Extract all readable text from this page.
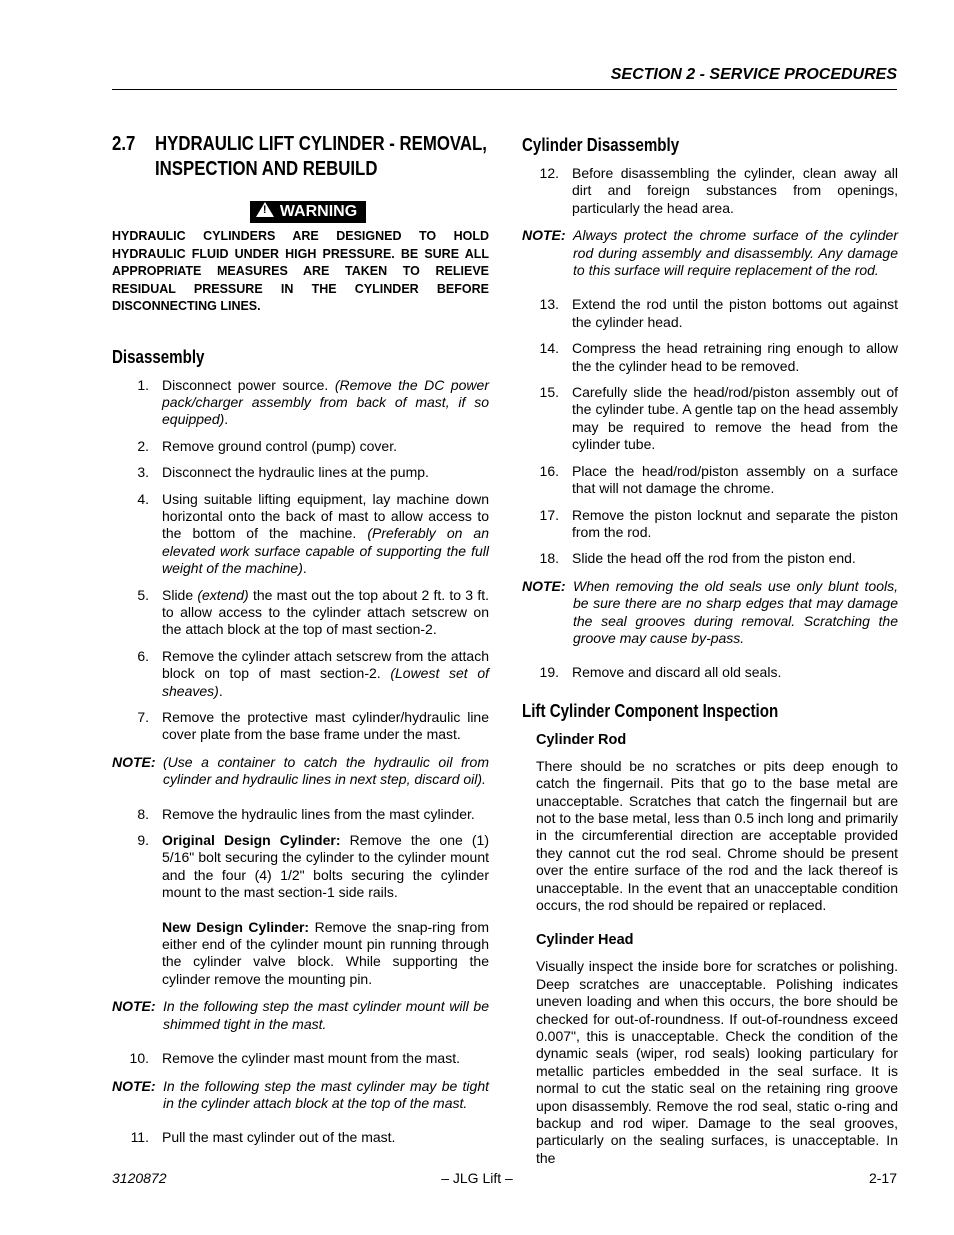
SECTION 2 - SERVICE PROCEDURES
2.7 HYDRAULIC LIFT CYLINDER - REMOVAL,
INSPECTION AND REBUILD
!WARNING
HYDRAULIC CYLINDERS ARE DESIGNED TO HOLD HYDRAULIC FLUID UNDER HIGH PRESSURE. BE SURE ALL APPROPRIATE MEASURES ARE TAKEN TO RELIEVE RESIDUAL PRESSURE IN THE CYLINDER BEFORE DISCONNECTING LINES.
Disassembly
1. Disconnect power source. (Remove the DC power pack/charger assembly from back of mast, if so equipped).
2. Remove ground control (pump) cover.
3. Disconnect the hydraulic lines at the pump.
4. Using suitable lifting equipment, lay machine down horizontal onto the back of mast to allow access to the bottom of the machine. (Preferably on an elevated work surface capable of supporting the full weight of the machine).
5. Slide (extend) the mast out the top about 2 ft. to 3 ft. to allow access to the cylinder attach setscrew on the attach block at the top of mast section-2.
6. Remove the cylinder attach setscrew from the attach block on top of mast section-2. (Lowest set of sheaves).
7. Remove the protective mast cylinder/hydraulic line cover plate from the base frame under the mast.
NOTE: (Use a container to catch the hydraulic oil from cylinder and hydraulic lines in next step, discard oil).
8. Remove the hydraulic lines from the mast cylinder.
9. Original Design Cylinder: Remove the one (1) 5/16" bolt securing the cylinder to the cylinder mount and the four (4) 1/2" bolts securing the cylinder mount to the mast section-1 side rails.
New Design Cylinder: Remove the snap-ring from either end of the cylinder mount pin running through the cylinder valve block. While supporting the cylinder remove the mounting pin.
NOTE: In the following step the mast cylinder mount will be shimmed tight in the mast.
10. Remove the cylinder mast mount from the mast.
NOTE: In the following step the mast cylinder may be tight in the cylinder attach block at the top of the mast.
11. Pull the mast cylinder out of the mast.
Cylinder Disassembly
12. Before disassembling the cylinder, clean away all dirt and foreign substances from openings, particularly the head area.
NOTE: Always protect the chrome surface of the cylinder rod during assembly and disassembly. Any damage to this surface will require replacement of the rod.
13. Extend the rod until the piston bottoms out against the cylinder head.
14. Compress the head retraining ring enough to allow the the cylinder head to be removed.
15. Carefully slide the head/rod/piston assembly out of the cylinder tube. A gentle tap on the head assembly may be required to remove the head from the cylinder tube.
16. Place the head/rod/piston assembly on a surface that will not damage the chrome.
17. Remove the piston locknut and separate the piston from the rod.
18. Slide the head off the rod from the piston end.
NOTE: When removing the old seals use only blunt tools, be sure there are no sharp edges that may damage the seal grooves during removal. Scratching the groove may cause by-pass.
19. Remove and discard all old seals.
Lift Cylinder Component Inspection
Cylinder Rod
There should be no scratches or pits deep enough to catch the fingernail. Pits that go to the base metal are unacceptable. Scratches that catch the fingernail but are not to the base metal, less than 0.5 inch long and primarily in the circumferential direction are acceptable provided they cannot cut the rod seal. Chrome should be present over the entire surface of the rod and the lack thereof is unacceptable. In the event that an unacceptable condition occurs, the rod should be repaired or replaced.
Cylinder Head
Visually inspect the inside bore for scratches or polishing. Deep scratches are unacceptable. Polishing indicates uneven loading and when this occurs, the bore should be checked for out-of-roundness. If out-of-roundness exceed 0.007", this is unacceptable. Check the condition of the dynamic seals (wiper, rod seals) looking particulary for metallic particles embedded in the seal surface. It is normal to cut the static seal on the retaining ring groove upon disassembly. Remove the rod seal, static o-ring and backup and rod wiper. Damage to the seal grooves, particularly on the sealing surfaces, is unacceptable. In the
3120872	– JLG Lift –	2-17
